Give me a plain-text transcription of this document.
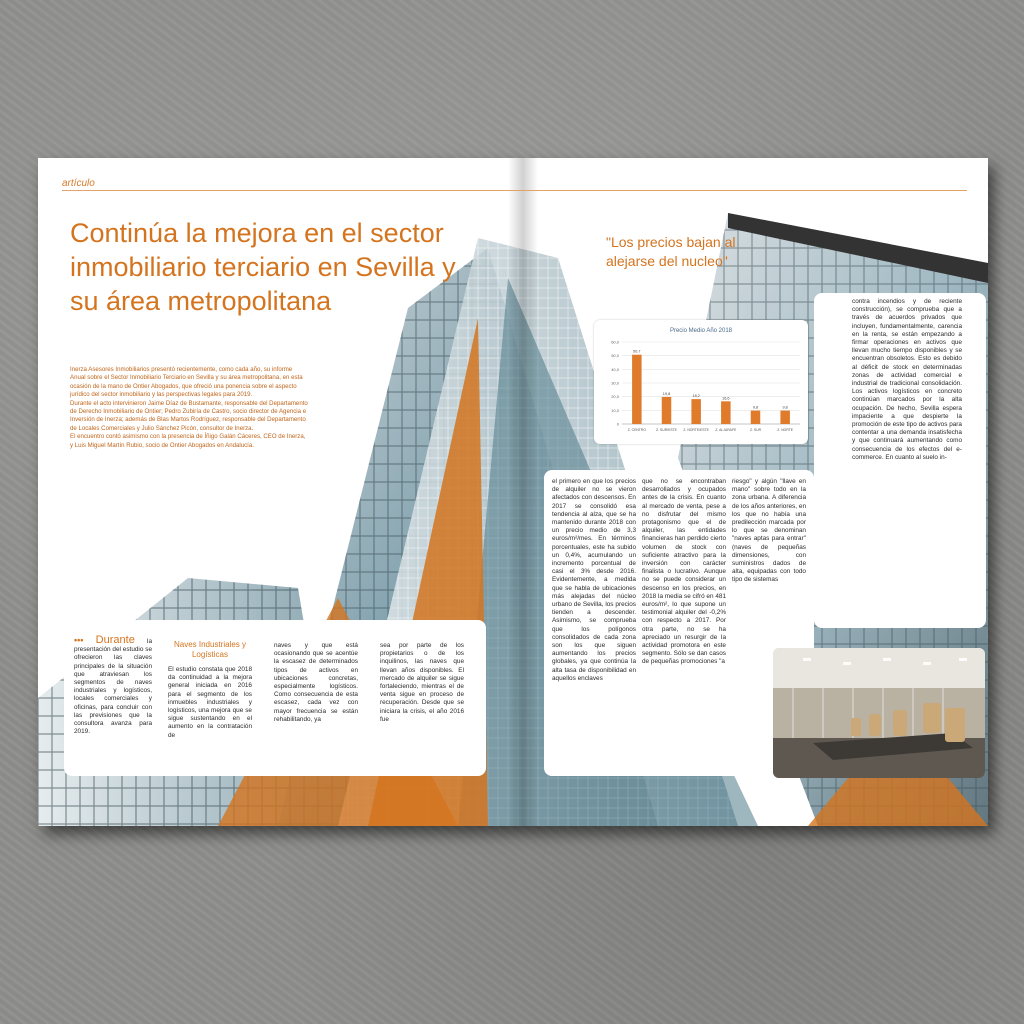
artículo
Continúa la mejora en el sector inmobiliario terciario en Sevilla y su área metropolitana

Inerza Asesores Inmobiliarios presentó recientemente, como cada año, su informe Anual sobre el Sector Inmobiliario Terciario en Sevilla y su área metropolitana, en esta ocasión de la mano de Ontier Abogados, que ofreció una ponencia sobre el aspecto jurídico del sector inmobiliario y las perspectivas legales para 2019.

Durante el acto intervinieron Jaime Díaz de Bustamante, responsable del Departamento de Derecho Inmobiliario de Ontier; Pedro Zubiría de Castro, socio director de Agencia e Inversión de Inerza; además de Blas Martos Rodríguez, responsable del Departamento de Locales Comerciales y Julio Sánchez Picón, consultor de Inerza.

El encuentro contó asimismo con la presencia de Íñigo Galán Cáceres, CEO de Inerza, y Luis Miguel Martín Rubio, socio de Ontier Abogados en Andalucía.

"Los precios bajan al alejarse del nucleo"
Precio Medio Año 2018
0
10,0
20,0
30,0
40,0
50,0
60,0
50,7
Z. CENTRO
19,8
Z. SUR/ESTE
18,2
Z. NORTE/ESTE
16,6
Z. ALJARAFE
9,8
Z. SUR
9,8
Z. NORTE
••• Durante la presentación del estudio se ofrecieron las claves principales de la situación que atraviesan los segmentos de naves industriales y logísticos, locales comerciales y oficinas, para concluir con las previsiones que la consultora avanza para 2019.
Naves Industriales y Logísticas
El estudio constata que 2018 da continuidad a la mejora general iniciada en 2016 para el segmento de los inmuebles industriales y logísticos, una mejora que se sigue sustentando en el aumento en la contratación de
naves y que está ocasionando que se acentúe la escasez de determinados tipos de activos en ubicaciones concretas, especialmente logísticos. Como consecuencia de esta escasez, cada vez con mayor frecuencia se están rehabilitando, ya
sea por parte de los propietarios o de los inquilinos, las naves que llevan años disponibles. El mercado de alquiler se sigue fortaleciendo, mientras el de venta sigue en proceso de recuperación. Desde que se iniciara la crisis, el año 2016 fue
el primero en que los precios de alquiler no se vieron afectados con descensos. En 2017 se consolidó esa tendencia al alza, que se ha mantenido durante 2018 con un precio medio de 3,3 euros/m²/mes. En términos porcentuales, este ha subido un 0,4%, acumulando un incremento porcentual de casi el 3% desde 2016. Evidentemente, a medida que se habla de ubicaciones más alejadas del núcleo urbano de Sevilla, los precios tienden a descender. Asimismo, se comprueba que los polígonos consolidados de cada zona son los que siguen aumentando los precios globales, ya que continúa la alta tasa de disponibilidad en aquellos enclaves
que no se encontraban desarrollados y ocupados antes de la crisis. En cuanto al mercado de venta, pese a no disfrutar del mismo protagonismo que el de alquiler, las entidades financieras han perdido cierto volumen de stock con suficiente atractivo para la inversión con carácter finalista o lucrativo. Aunque no se puede considerar un descenso en los precios, en 2018 la media se cifró en 481 euros/m², lo que supone un testimonial alquiler del -0,2% con respecto a 2017. Por otra parte, no se ha apreciado un resurgir de la actividad promotora en este segmento. Sólo se dan casos de pequeñas promociones "a
riesgo" y algún "llave en mano" sobre todo en la zona urbana. A diferencia de los años anteriores, en los que no había una predilección marcada por lo que se denominan "naves aptas para entrar" (naves de pequeñas dimensiones, con suministros dados de alta, equipadas con todo tipo de sistemas
contra incendios y de reciente construcción), se comprueba que a través de acuerdos privados que incluyen, fundamentalmente, carencia en la renta, se están empezando a firmar operaciones en activos que llevan mucho tiempo disponibles y se encuentran obsoletos. Esto es debido al déficit de stock en determinadas zonas de actividad comercial e industrial de tradicional consolidación. Los activos logísticos en concreto continúan marcados por la alta ocupación. De hecho, Sevilla espera impaciente a que despierte la promoción de este tipo de activos para contentar a una demanda insatisfecha y que continuará aumentando como consecuencia de los efectos del e-commerce. En cuanto al suelo in-
